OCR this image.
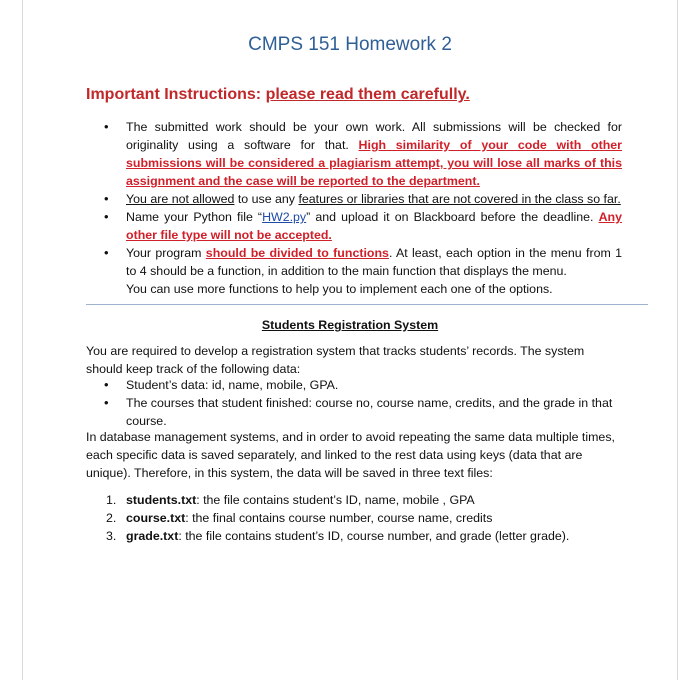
CMPS 151 Homework 2
Important Instructions: please read them carefully.
• The submitted work should be your own work. All submissions will be checked for originality using a software for that. High similarity of your code with other submissions will be considered a plagiarism attempt, you will lose all marks of this assignment and the case will be reported to the department.
• You are not allowed to use any features or libraries that are not covered in the class so far.
• Name your Python file “HW2.py” and upload it on Blackboard before the deadline. Any other file type will not be accepted.
• Your program should be divided to functions. At least, each option in the menu from 1 to 4 should be a function, in addition to the main function that displays the menu.
You can use more functions to help you to implement each one of the options.
Students Registration System

You are required to develop a registration system that tracks students’ records. The system should keep track of the following data:

• Student’s data: id, name, mobile, GPA.
• The courses that student finished: course no, course name, credits, and the grade in that course.

In database management systems, and in order to avoid repeating the same data multiple times, each specific data is saved separately, and linked to the rest data using keys (data that are unique). Therefore, in this system, the data will be saved in three text files:

1. students.txt: the file contains student’s ID, name, mobile , GPA
2. course.txt: the final contains course number, course name, credits
3. grade.txt: the file contains student’s ID, course number, and grade (letter grade).
